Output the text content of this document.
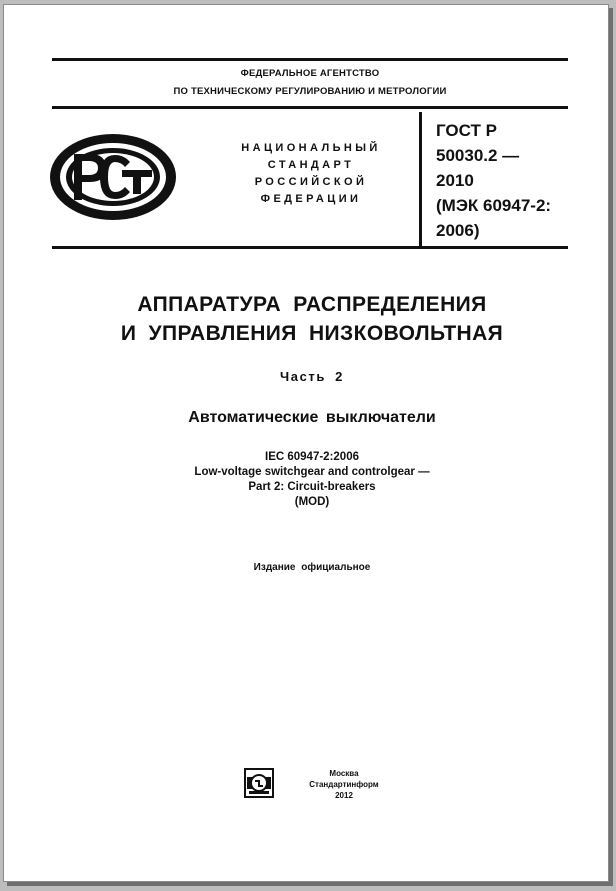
ФЕДЕРАЛЬНОЕ АГЕНТСТВО
ПО ТЕХНИЧЕСКОМУ РЕГУЛИРОВАНИЮ И МЕТРОЛОГИИ
НАЦИОНАЛЬНЫЙ
СТАНДАРТ
РОССИЙСКОЙ
ФЕДЕРАЦИИ
ГОСТ Р
50030.2 —
2010
(МЭК 60947-2:
2006)
АППАРАТУРА РАСПРЕДЕЛЕНИЯ
И УПРАВЛЕНИЯ НИЗКОВОЛЬТНАЯ
Часть 2
Автоматические выключатели
IEC 60947-2:2006
Low-voltage switchgear and controlgear —
Part 2: Circuit-breakers
(MOD)
Издание официальное
Москва
Стандартинформ
2012
